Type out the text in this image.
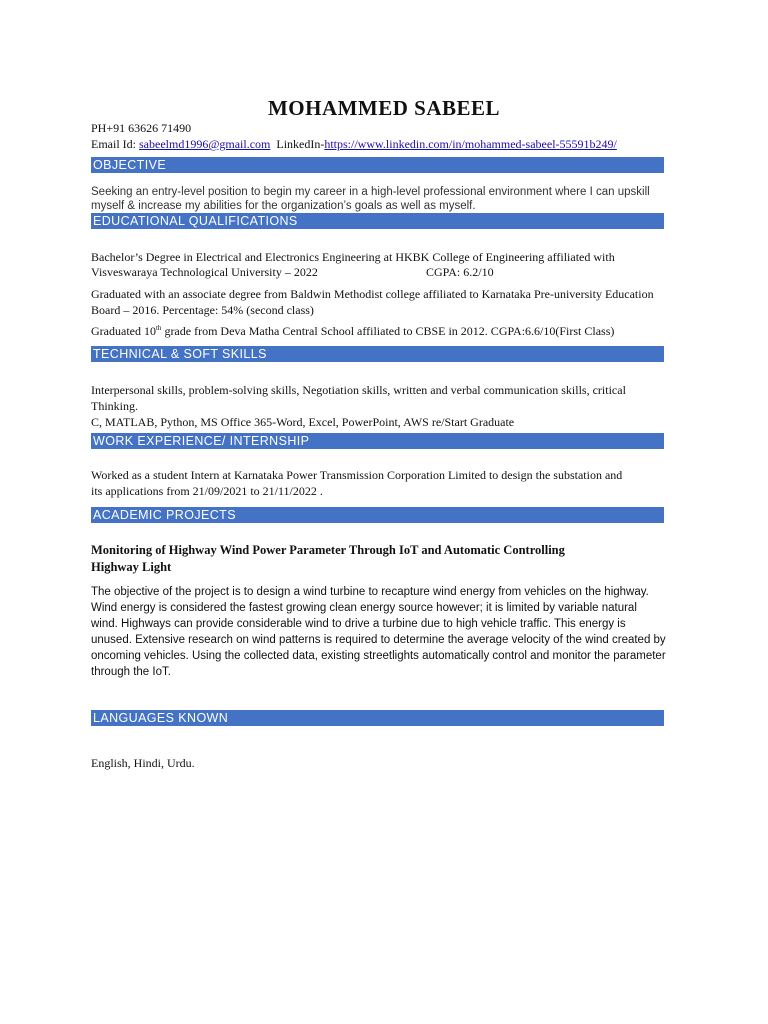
MOHAMMED SABEEL
PH+91 63626 71490
Email Id: sabeelmd1996@gmail.com LinkedIn-https://www.linkedin.com/in/mohammed-sabeel-55591b249/
OBJECTIVE
Seeking an entry-level position to begin my career in a high-level professional environment where I can upskill myself & increase my abilities for the organization’s goals as well as myself.
EDUCATIONAL QUALIFICATIONS
Bachelor’s Degree in Electrical and Electronics Engineering at HKBK College of Engineering affiliated with
Visveswaraya Technological University – 2022	CGPA: 6.2/10
Graduated with an associate degree from Baldwin Methodist college affiliated to Karnataka Pre-university Education Board – 2016. Percentage: 54% (second class)
Graduated 10th grade from Deva Matha Central School affiliated to CBSE in 2012. CGPA:6.6/10(First Class)
TECHNICAL & SOFT SKILLS
Interpersonal skills, problem-solving skills, Negotiation skills, written and verbal communication skills, critical Thinking.
C, MATLAB, Python, MS Office 365-Word, Excel, PowerPoint, AWS re/Start Graduate
WORK EXPERIENCE/ INTERNSHIP
Worked as a student Intern at Karnataka Power Transmission Corporation Limited to design the substation and its applications from 21/09/2021 to 21/11/2022 .
ACADEMIC PROJECTS
Monitoring of Highway Wind Power Parameter Through IoT and Automatic Controlling Highway Light
The objective of the project is to design a wind turbine to recapture wind energy from vehicles on the highway. Wind energy is considered the fastest growing clean energy source however; it is limited by variable natural wind. Highways can provide considerable wind to drive a turbine due to high vehicle traffic. This energy is unused. Extensive research on wind patterns is required to determine the average velocity of the wind created by oncoming vehicles. Using the collected data, existing streetlights automatically control and monitor the parameter through the IoT.
LANGUAGES KNOWN
English, Hindi, Urdu.
